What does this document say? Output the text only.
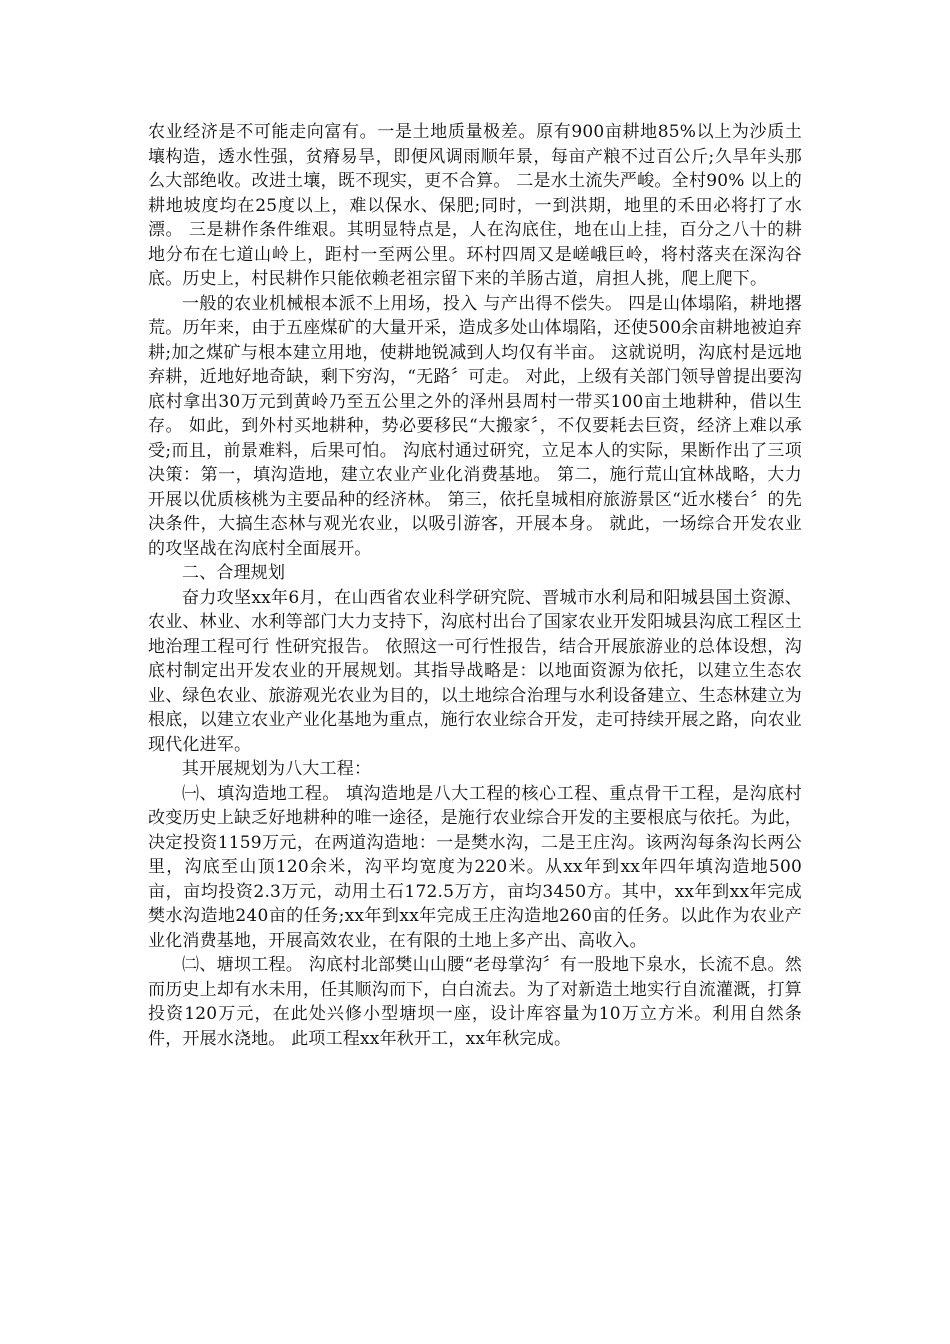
农业经济是不可能走向富有。一是土地质量极差。原有900亩耕地85%以上为沙质土壤构造，透水性强，贫瘠易旱，即便风调雨顺年景，每亩产粮不过百公斤;久旱年头那么大部绝收。改进土壤，既不现实，更不合算。 二是水土流失严峻。全村90% 以上的耕地坡度均在25度以上，难以保水、保肥;同时，一到洪期，地里的禾田必将打了水漂。 三是耕作条件维艰。其明显特点是，人在沟底住，地在山上挂，百分之八十的耕地分布在七道山岭上，距村一至两公里。环村四周又是嵯峨巨岭，将村落夹在深沟谷底。历史上，村民耕作只能依赖老祖宗留下来的羊肠古道，肩担人挑，爬上爬下。

一般的农业机械根本派不上用场，投入 与产出得不偿失。 四是山体塌陷，耕地撂荒。历年来，由于五座煤矿的大量开采，造成多处山体塌陷，还使500余亩耕地被迫弃耕;加之煤矿与根本建立用地，使耕地锐减到人均仅有半亩。 这就说明，沟底村是远地弃耕，近地好地奇缺，剩下穷沟，“无路〞可走。 对此，上级有关部门领导曾提出要沟底村拿出30万元到黄岭乃至五公里之外的泽州县周村一带买100亩土地耕种，借以生存。 如此，到外村买地耕种，势必要移民“大搬家〞，不仅要耗去巨资，经济上难以承受;而且，前景难料，后果可怕。 沟底村通过研究，立足本人的实际，果断作出了三项决策：第一，填沟造地，建立农业产业化消费基地。 第二，施行荒山宜林战略，大力开展以优质核桃为主要品种的经济林。 第三，依托皇城相府旅游景区“近水楼台〞的先决条件，大搞生态林与观光农业，以吸引游客，开展本身。 就此，一场综合开发农业的攻坚战在沟底村全面展开。

二、合理规划

奋力攻坚xx年6月，在山西省农业科学研究院、晋城市水利局和阳城县国土资源、农业、林业、水利等部门大力支持下，沟底村出台了国家农业开发阳城县沟底工程区土地治理工程可行 性研究报告。 依照这一可行性报告，结合开展旅游业的总体设想，沟底村制定出开发农业的开展规划。其指导战略是：以地面资源为依托，以建立生态农业、绿色农业、旅游观光农业为目的，以土地综合治理与水利设备建立、生态林建立为根底，以建立农业产业化基地为重点，施行农业综合开发，走可持续开展之路，向农业现代化进军。

其开展规划为八大工程：

㈠、填沟造地工程。 填沟造地是八大工程的核心工程、重点骨干工程，是沟底村改变历史上缺乏好地耕种的唯一途径，是施行农业综合开发的主要根底与依托。为此，决定投资1159万元，在两道沟造地：一是樊水沟，二是王庄沟。该两沟每条沟长两公里，沟底至山顶120余米，沟平均宽度为220米。从xx年到xx年四年填沟造地500亩，亩均投资2.3万元，动用土石172.5万方，亩均3450方。其中，xx年到xx年完成樊水沟造地240亩的任务;xx年到xx年完成王庄沟造地260亩的任务。以此作为农业产业化消费基地，开展高效农业，在有限的土地上多产出、高收入。

㈡、塘坝工程。 沟底村北部樊山山腰“老母掌沟〞有一股地下泉水，长流不息。然而历史上却有水未用，任其顺沟而下，白白流去。为了对新造土地实行自流灌溉，打算投资120万元，在此处兴修小型塘坝一座，设计库容量为10万立方米。利用自然条件，开展水浇地。 此项工程xx年秋开工，xx年秋完成。
